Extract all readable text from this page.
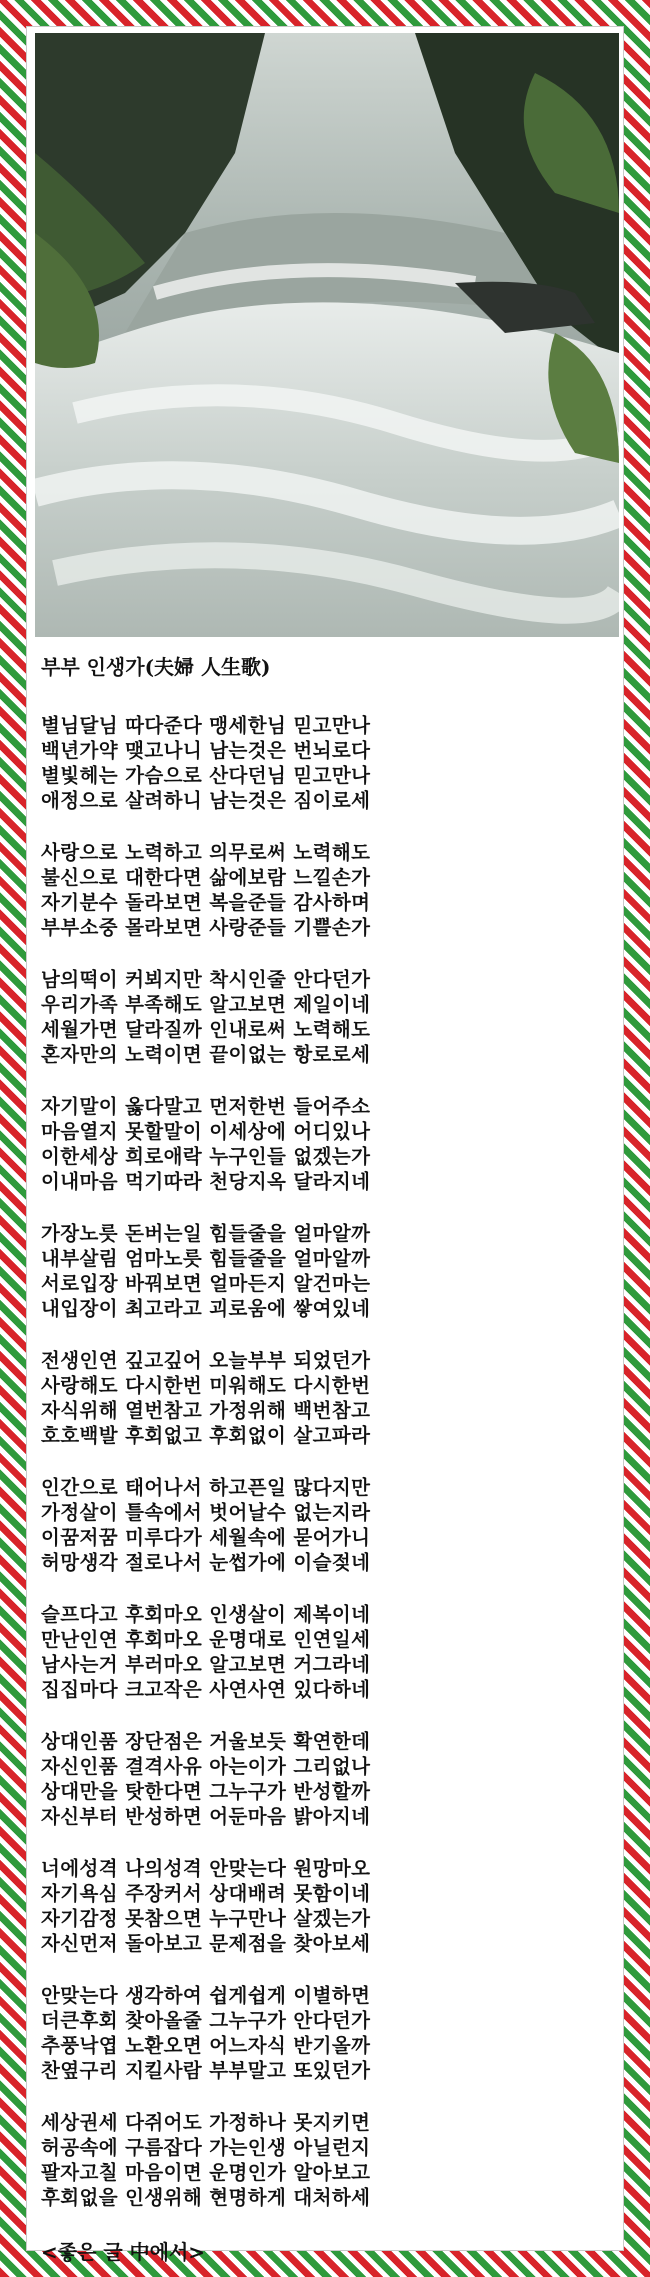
부부 인생가(夫婦 人生歌)
별님달님 따다준다 맹세한님 믿고만나
백년가약 맺고나니 남는것은 번뇌로다
별빛헤는 가슴으로 산다던님 믿고만나
애정으로 살려하니 남는것은 짐이로세
사랑으로 노력하고 의무로써 노력해도
불신으로 대한다면 삶에보람 느낄손가
자기분수 돌라보면 복을준들 감사하며
부부소중 몰라보면 사랑준들 기쁠손가
남의떡이 커뵈지만 착시인줄 안다던가
우리가족 부족해도 알고보면 제일이네
세월가면 달라질까 인내로써 노력해도
혼자만의 노력이면 끝이없는 항로로세
자기말이 옳다말고 먼저한번 들어주소
마음열지 못할말이 이세상에 어디있나
이한세상 희로애락 누구인들 없겠는가
이내마음 먹기따라 천당지옥 달라지네
가장노릇 돈버는일 힘들줄을 얼마알까
내부살림 엄마노릇 힘들줄을 얼마알까
서로입장 바꿔보면 얼마든지 알건마는
내입장이 최고라고 괴로움에 쌓여있네
전생인연 깊고깊어 오늘부부 되었던가
사랑해도 다시한번 미워해도 다시한번
자식위해 열번참고 가정위해 백번참고
호호백발 후회없고 후회없이 살고파라
인간으로 태어나서 하고픈일 많다지만
가정살이 틀속에서 벗어날수 없는지라
이꿈저꿈 미루다가 세월속에 묻어가니
허망생각 절로나서 눈썹가에 이슬젖네
슬프다고 후회마오 인생살이 제복이네
만난인연 후회마오 운명대로 인연일세
남사는거 부러마오 알고보면 거그라네
집집마다 크고작은 사연사연 있다하네
상대인품 장단점은 거울보듯 확연한데
자신인품 결격사유 아는이가 그리없나
상대만을 탓한다면 그누구가 반성할까
자신부터 반성하면 어둔마음 밝아지네
너에성격 나의성격 안맞는다 원망마오
자기욕심 주장커서 상대배려 못함이네
자기감정 못참으면 누구만나 살겠는가
자신먼저 돌아보고 문제점을 찾아보세
안맞는다 생각하여 쉽게쉽게 이별하면
더큰후회 찾아올줄 그누구가 안다던가
추풍낙엽 노환오면 어느자식 반기올까
찬옆구리 지킬사람 부부말고 또있던가
세상권세 다쥐어도 가정하나 못지키면
허공속에 구름잡다 가는인생 아닐런지
팔자고칠 마음이면 운명인가 알아보고
후회없을 인생위해 현명하게 대처하세
<좋은 글 中에서>
